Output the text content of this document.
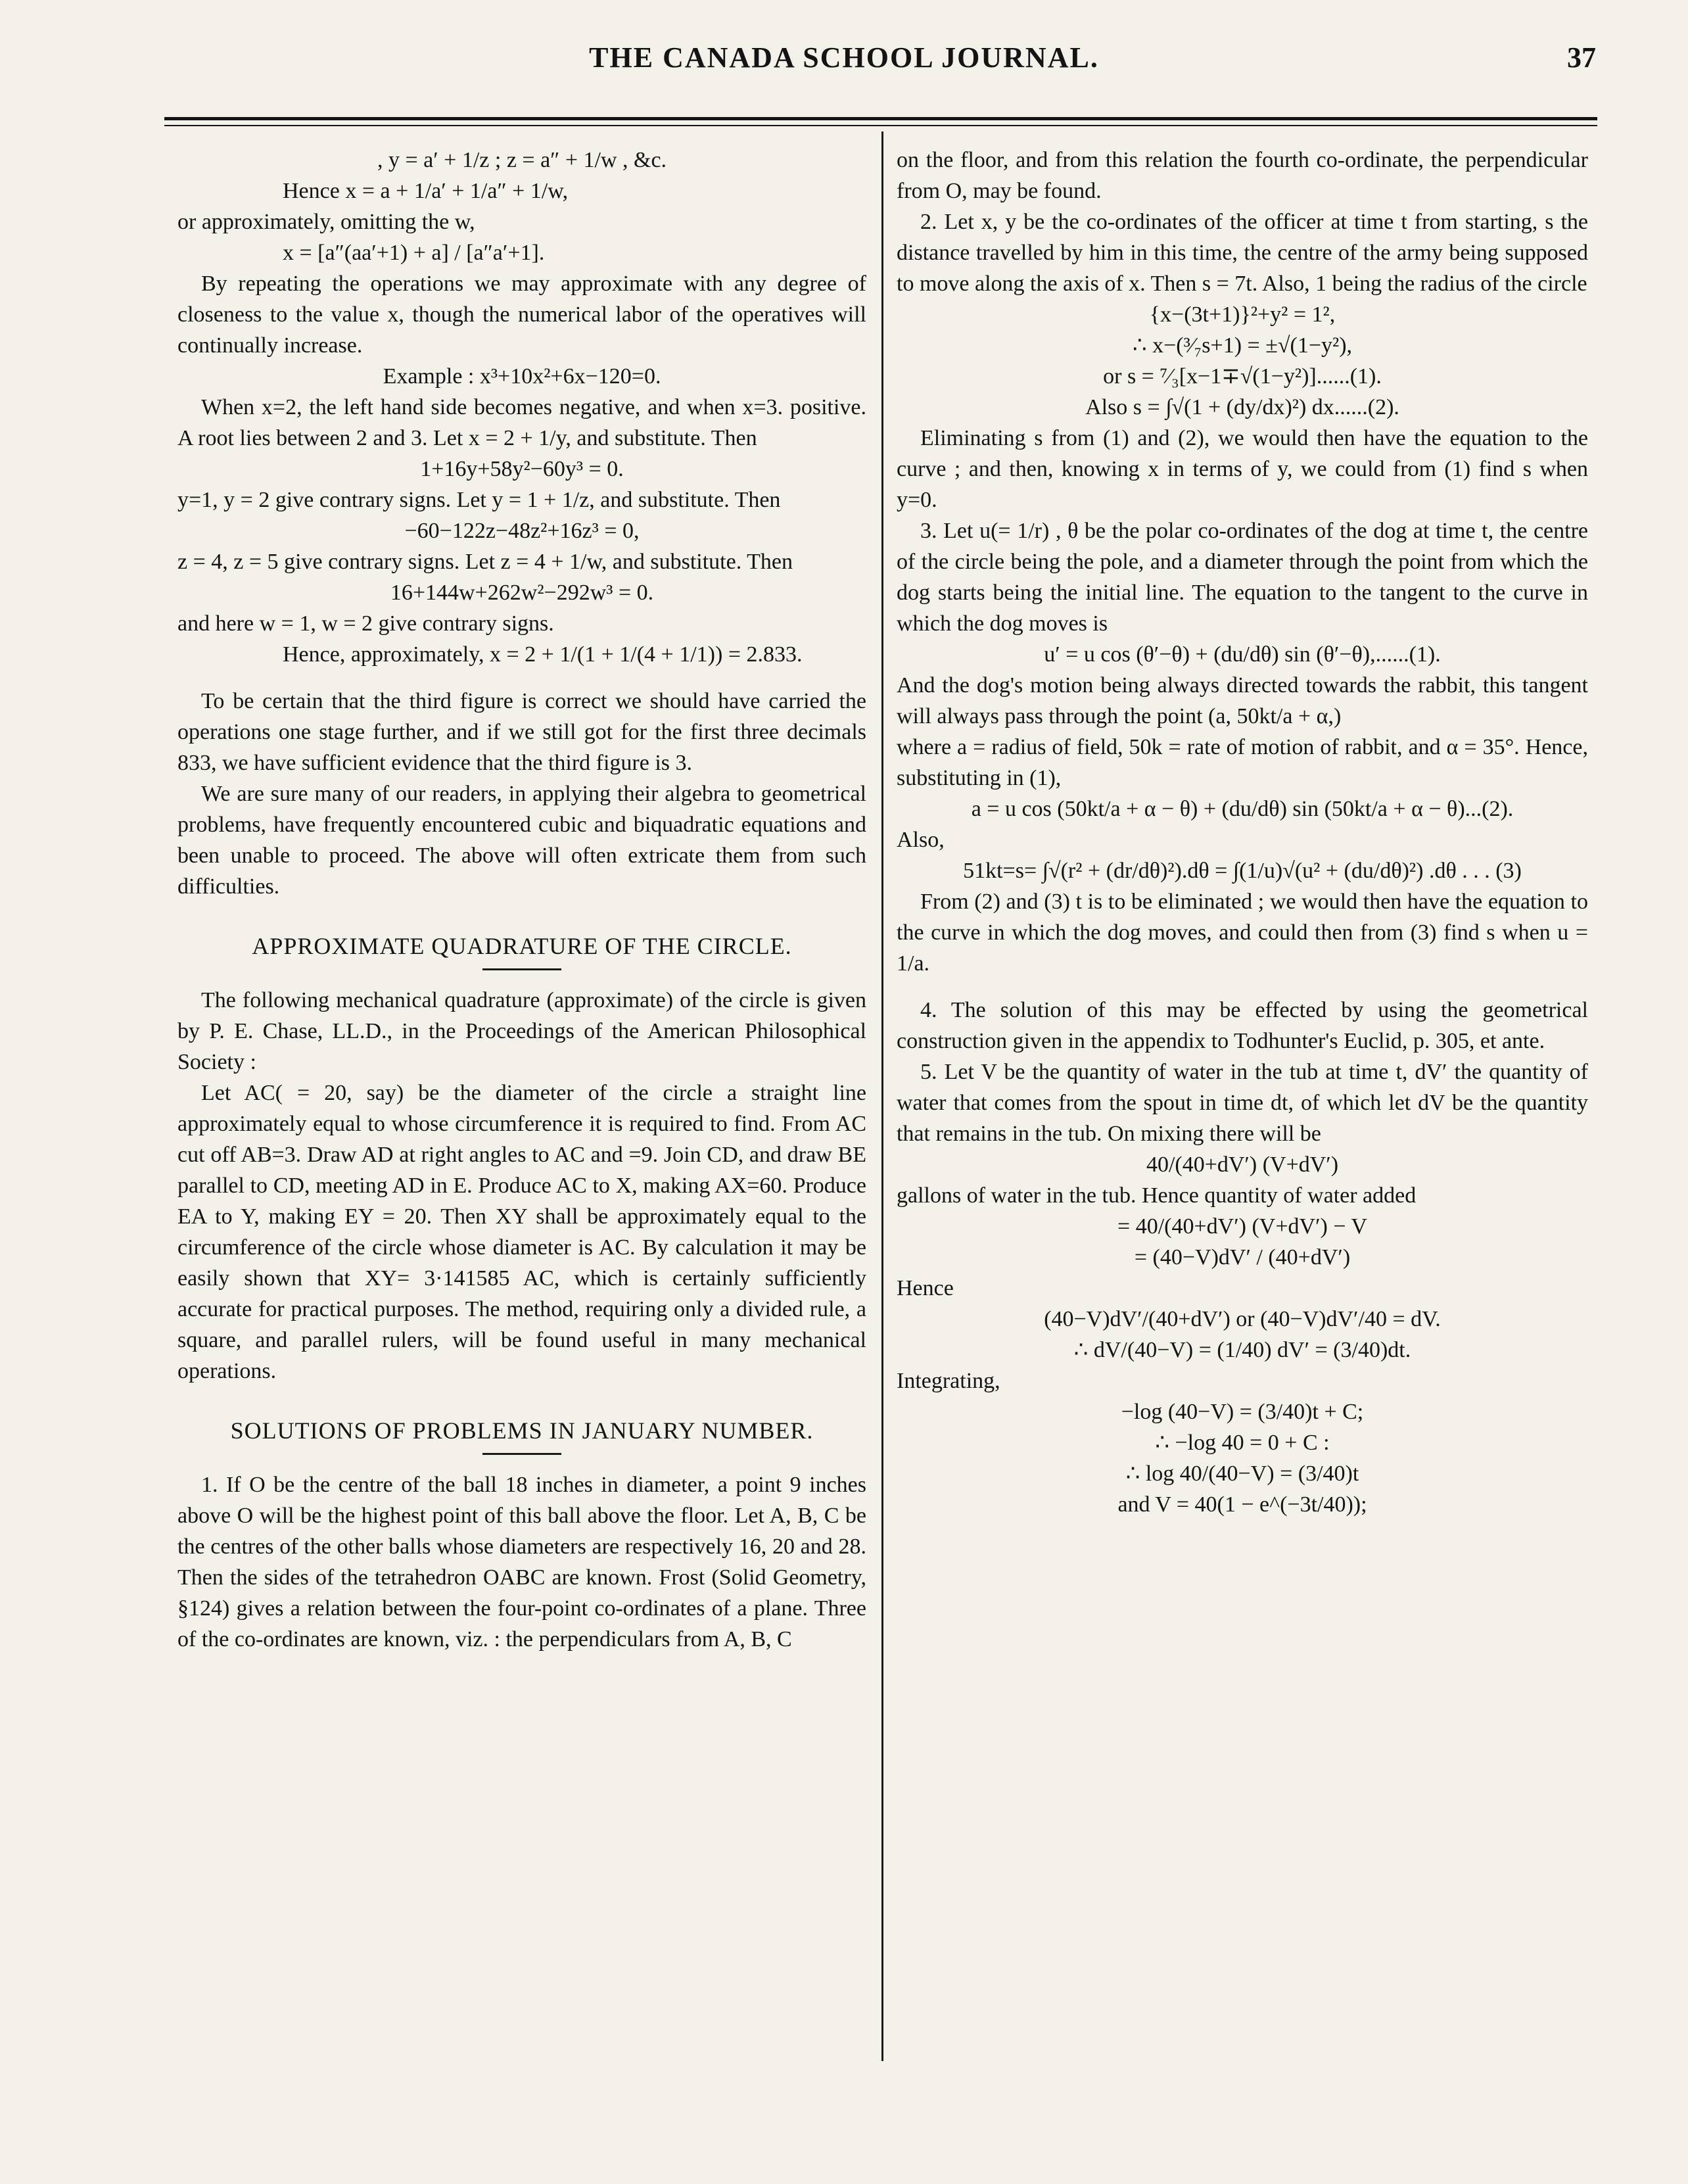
THE CANADA SCHOOL JOURNAL.	37

, y = a′ + 1/z ; z = a″ + 1/w , &c.

Hence x = a + 1/a′ + 1/a″ + 1/w,

or approximately, omitting the w,

x = [a″(aa′+1) + a] / [a″a′+1].

By repeating the operations we may approximate with any degree of closeness to the value x, though the numerical labor of the operatives will continually increase.

Example : x³+10x²+6x−120=0.

When x=2, the left hand side becomes negative, and when x=3. positive. A root lies between 2 and 3. Let x = 2 + 1/y, and substitute. Then

1+16y+58y²−60y³ = 0.

y=1, y = 2 give contrary signs. Let y = 1 + 1/z, and substitute. Then

−60−122z−48z²+16z³ = 0,

z = 4, z = 5 give contrary signs. Let z = 4 + 1/w, and substitute. Then

16+144w+262w²−292w³ = 0.

and here w = 1, w = 2 give contrary signs.

Hence, approximately, x = 2 + 1/(1 + 1/(4 + 1/1)) = 2.833.

To be certain that the third figure is correct we should have carried the operations one stage further, and if we still got for the first three decimals 833, we have sufficient evidence that the third figure is 3.

We are sure many of our readers, in applying their algebra to geometrical problems, have frequently encountered cubic and biquadratic equations and been unable to proceed. The above will often extricate them from such difficulties.

APPROXIMATE QUADRATURE OF THE CIRCLE.

The following mechanical quadrature (approximate) of the circle is given by P. E. Chase, LL.D., in the Proceedings of the American Philosophical Society :

Let AC( = 20, say) be the diameter of the circle a straight line approximately equal to whose circumference it is required to find. From AC cut off AB=3. Draw AD at right angles to AC and =9. Join CD, and draw BE parallel to CD, meeting AD in E. Produce AC to X, making AX=60. Produce EA to Y, making EY = 20. Then XY shall be approximately equal to the circumference of the circle whose diameter is AC. By calculation it may be easily shown that XY= 3·141585 AC, which is certainly sufficiently accurate for practical purposes. The method, requiring only a divided rule, a square, and parallel rulers, will be found useful in many mechanical operations.

SOLUTIONS OF PROBLEMS IN JANUARY NUMBER.

1. If O be the centre of the ball 18 inches in diameter, a point 9 inches above O will be the highest point of this ball above the floor. Let A, B, C be the centres of the other balls whose diameters are respectively 16, 20 and 28. Then the sides of the tetrahedron OABC are known. Frost (Solid Geometry, §124) gives a relation between the four-point co-ordinates of a plane. Three of the co-ordinates are known, viz. : the perpendiculars from A, B, C

on the floor, and from this relation the fourth co-ordinate, the perpendicular from O, may be found.

2. Let x, y be the co-ordinates of the officer at time t from starting, s the distance travelled by him in this time, the centre of the army being supposed to move along the axis of x. Then s = 7t. Also, 1 being the radius of the circle

{x−(3t+1)}²+y² = 1²,

∴ x−(³⁄₇s+1) = ±√(1−y²),

or s = ⁷⁄₃[x−1∓√(1−y²)]......(1).

Also s = ∫√(1 + (dy/dx)²) dx......(2).

Eliminating s from (1) and (2), we would then have the equation to the curve ; and then, knowing x in terms of y, we could from (1) find s when y=0.

3. Let u(= 1/r) , θ be the polar co-ordinates of the dog at time t, the centre of the circle being the pole, and a diameter through the point from which the dog starts being the initial line. The equation to the tangent to the curve in which the dog moves is

u′ = u cos (θ′−θ) + (du/dθ) sin (θ′−θ),......(1).

And the dog's motion being always directed towards the rabbit, this tangent will always pass through the point (a, 50kt/a + α,)

where a = radius of field, 50k = rate of motion of rabbit, and α = 35°. Hence, substituting in (1),

a = u cos (50kt/a + α − θ) + (du/dθ) sin (50kt/a + α − θ)...(2).

Also,

51kt=s= ∫√(r² + (dr/dθ)²).dθ = ∫(1/u)√(u² + (du/dθ)²) .dθ . . . (3)

From (2) and (3) t is to be eliminated ; we would then have the equation to the curve in which the dog moves, and could then from (3) find s when u = 1/a.

4. The solution of this may be effected by using the geometrical construction given in the appendix to Todhunter's Euclid, p. 305, et ante.

5. Let V be the quantity of water in the tub at time t, dV′ the quantity of water that comes from the spout in time dt, of which let dV be the quantity that remains in the tub. On mixing there will be

40/(40+dV′) (V+dV′)

gallons of water in the tub. Hence quantity of water added

= 40/(40+dV′) (V+dV′) − V

= (40−V)dV′ / (40+dV′)

Hence

(40−V)dV′/(40+dV′) or (40−V)dV′/40 = dV.

∴ dV/(40−V) = (1/40) dV′ = (3/40)dt.

Integrating,

−log (40−V) = (3/40)t + C;

∴ −log 40 = 0 + C :

∴ log 40/(40−V) = (3/40)t

and V = 40(1 − e^(−3t/40));
